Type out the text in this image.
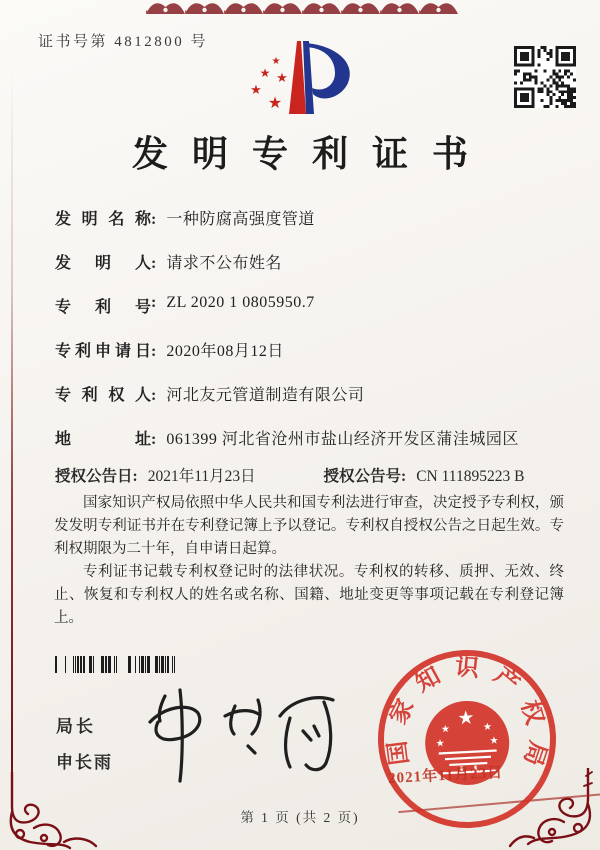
证书号第 4812800 号
★
★ ★
★
★
发明专利证书
发明名称: 一种防腐高强度管道
发明人: 请求不公布姓名
专利号: ZL 2020 1 0805950.7
专利申请日: 2020年08月12日
专利权人: 河北友元管道制造有限公司
地址: 061399 河北省沧州市盐山经济开发区蒲洼城园区
授权公告日: 2021年11月23日	授权公告号: CN 111895223 B

国家知识产权局依照中华人民共和国专利法进行审查，决定授予专利权，颁发发明专利证书并在专利登记簿上予以登记。专利权自授权公告之日起生效。专利权期限为二十年，自申请日起算。

专利证书记载专利权登记时的法律状况。专利权的转移、质押、无效、终止、恢复和专利权人的姓名或名称、国籍、地址变更等事项记载在专利登记簿上。

局长
申长雨	国家知识产权局
★
★	★
★	★
2021年11月23日
第 1 页 (共 2 页)
